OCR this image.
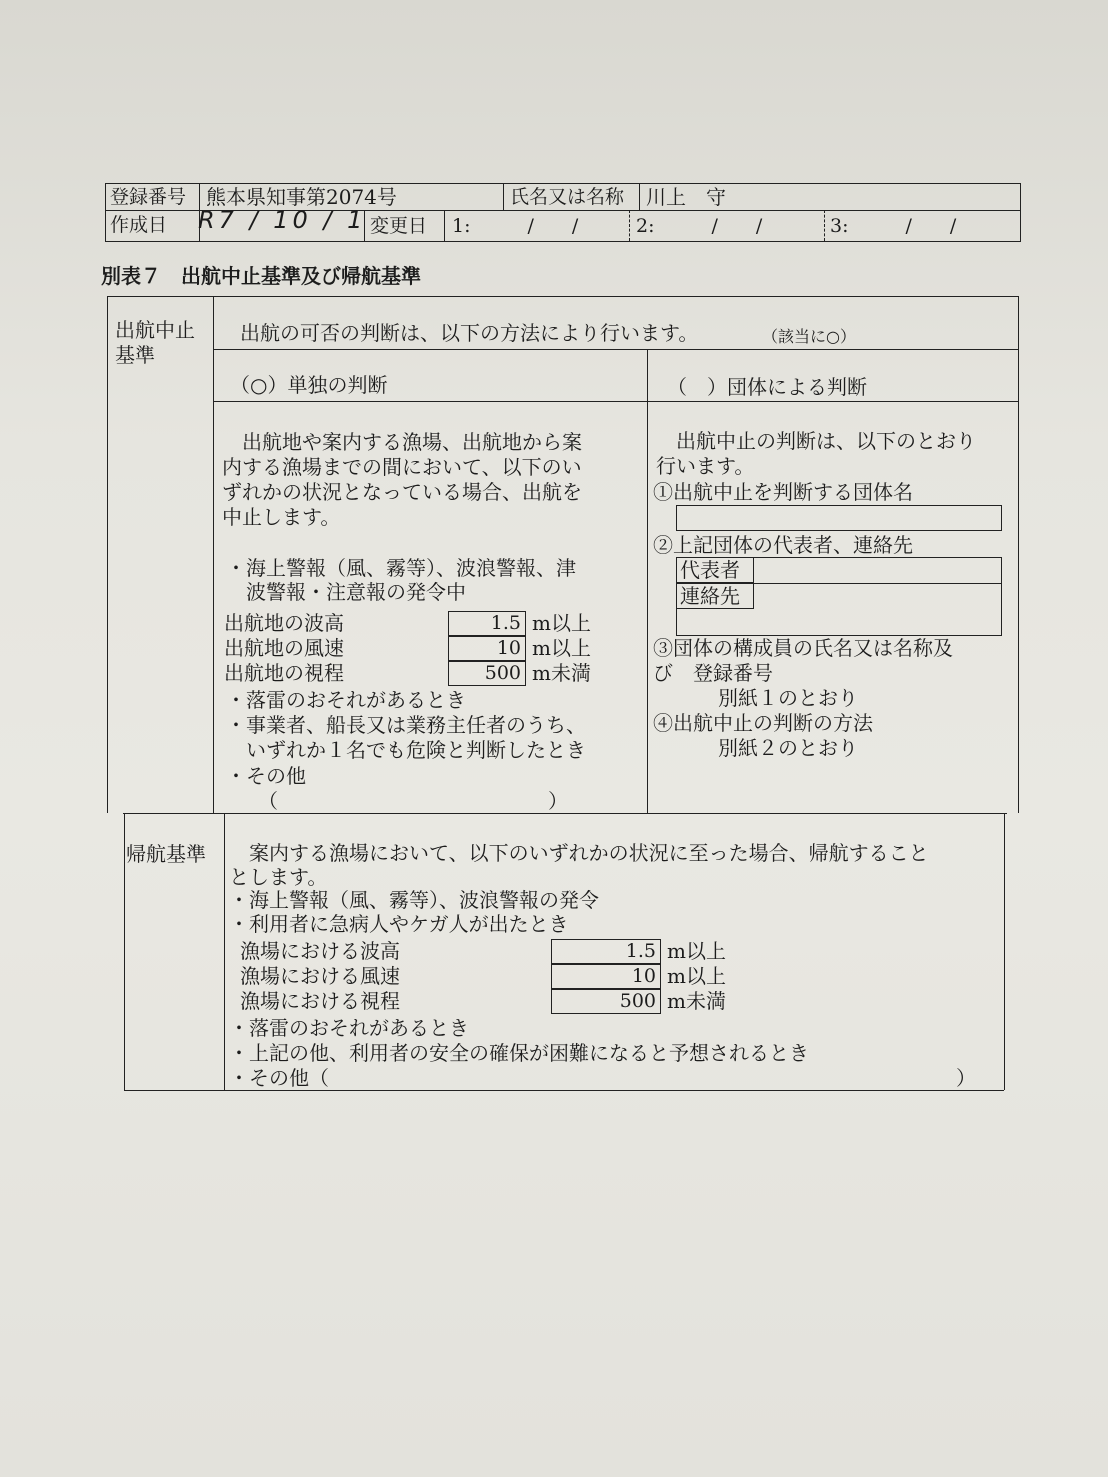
登録番号 熊本県知事第2074号	氏名又は名称 川上　守
作成日 R7 / 10 / 1 変更日 1:　　　/　　/	2:　　　/　　/	3:　　　/　　/
別表７　出航中止基準及び帰航基準
出航中止
基準
出航の可否の判断は、以下の方法により行います。	（該当に○）
（○）単独の判断	（　）団体による判断
　出航地や案内する漁場、出航地から案
内する漁場までの間において、以下のい
ずれかの状況となっている場合、出航を
中止します。
・海上警報（風、霧等）、波浪警報、津
　波警報・注意報の発令中
出航地の波高	1.5 m以上
出航地の風速	10 m以上
出航地の視程	500 m未満
・落雷のおそれがあるとき
・事業者、船長又は業務主任者のうち、
　いずれか１名でも危険と判断したとき
・その他
（	）
　出航中止の判断は、以下のとおり
行います。
①出航中止を判断する団体名
②上記団体の代表者、連絡先
代表者
連絡先
③団体の構成員の氏名又は名称及
び　登録番号
別紙１のとおり
④出航中止の判断の方法
別紙２のとおり
帰航基準 　案内する漁場において、以下のいずれかの状況に至った場合、帰航すること
とします。
・海上警報（風、霧等）、波浪警報の発令
・利用者に急病人やケガ人が出たとき
漁場における波高	1.5 m以上
漁場における風速	10 m以上
漁場における視程	500 m未満
・落雷のおそれがあるとき
・上記の他、利用者の安全の確保が困難になると予想されるとき
・その他（	）
